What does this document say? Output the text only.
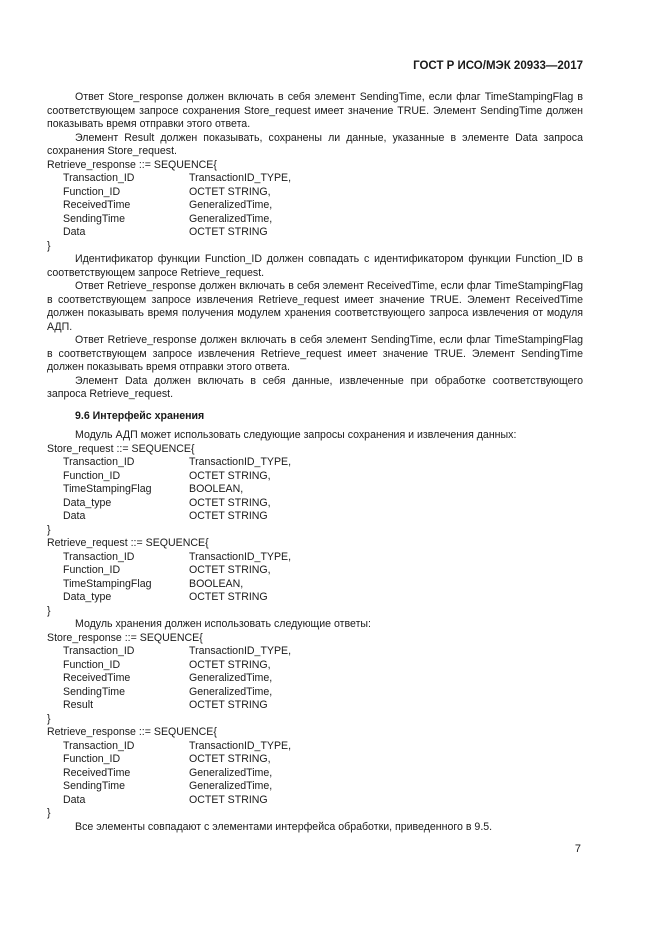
ГОСТ Р ИСО/МЭК 20933—2017

Ответ Store_response должен включать в себя элемент SendingTime, если флаг TimeStampingFlag в соответствующем запросе сохранения Store_request имеет значение TRUE. Элемент SendingTime должен показывать время отправки этого ответа.

Элемент Result должен показывать, сохранены ли данные, указанные в элементе Data запроса сохранения Store_request.

Retrieve_response ::= SEQUENCE{
Transaction_ID	TransactionID_TYPE,
Function_ID	OCTET STRING,
ReceivedTime	GeneralizedTime,
SendingTime	GeneralizedTime,
Data	OCTET STRING
}

Идентификатор функции Function_ID должен совпадать с идентификатором функции Function_ID в соответствующем запросе Retrieve_request.

Ответ Retrieve_response должен включать в себя элемент ReceivedTime, если флаг TimeStampingFlag в соответствующем запросе извлечения Retrieve_request имеет значение TRUE. Элемент ReceivedTime должен показывать время получения модулем хранения соответствующего запроса извлечения от модуля АДП.

Ответ Retrieve_response должен включать в себя элемент SendingTime, если флаг TimeStampingFlag в соответствующем запросе извлечения Retrieve_request имеет значение TRUE. Элемент SendingTime должен показывать время отправки этого ответа.

Элемент Data должен включать в себя данные, извлеченные при обработке соответствующего запроса Retrieve_request.

9.6 Интерфейс хранения

Модуль АДП может использовать следующие запросы сохранения и извлечения данных:

Store_request ::= SEQUENCE{
Transaction_ID	TransactionID_TYPE,
Function_ID	OCTET STRING,
TimeStampingFlag	BOOLEAN,
Data_type	OCTET STRING,
Data	OCTET STRING
}
Retrieve_request ::= SEQUENCE{
Transaction_ID	TransactionID_TYPE,
Function_ID	OCTET STRING,
TimeStampingFlag	BOOLEAN,
Data_type	OCTET STRING
}

Модуль хранения должен использовать следующие ответы:

Store_response ::= SEQUENCE{
Transaction_ID	TransactionID_TYPE,
Function_ID	OCTET STRING,
ReceivedTime	GeneralizedTime,
SendingTime	GeneralizedTime,
Result	OCTET STRING
}
Retrieve_response ::= SEQUENCE{
Transaction_ID	TransactionID_TYPE,
Function_ID	OCTET STRING,
ReceivedTime	GeneralizedTime,
SendingTime	GeneralizedTime,
Data	OCTET STRING
}

Все элементы совпадают с элементами интерфейса обработки, приведенного в 9.5.

7
